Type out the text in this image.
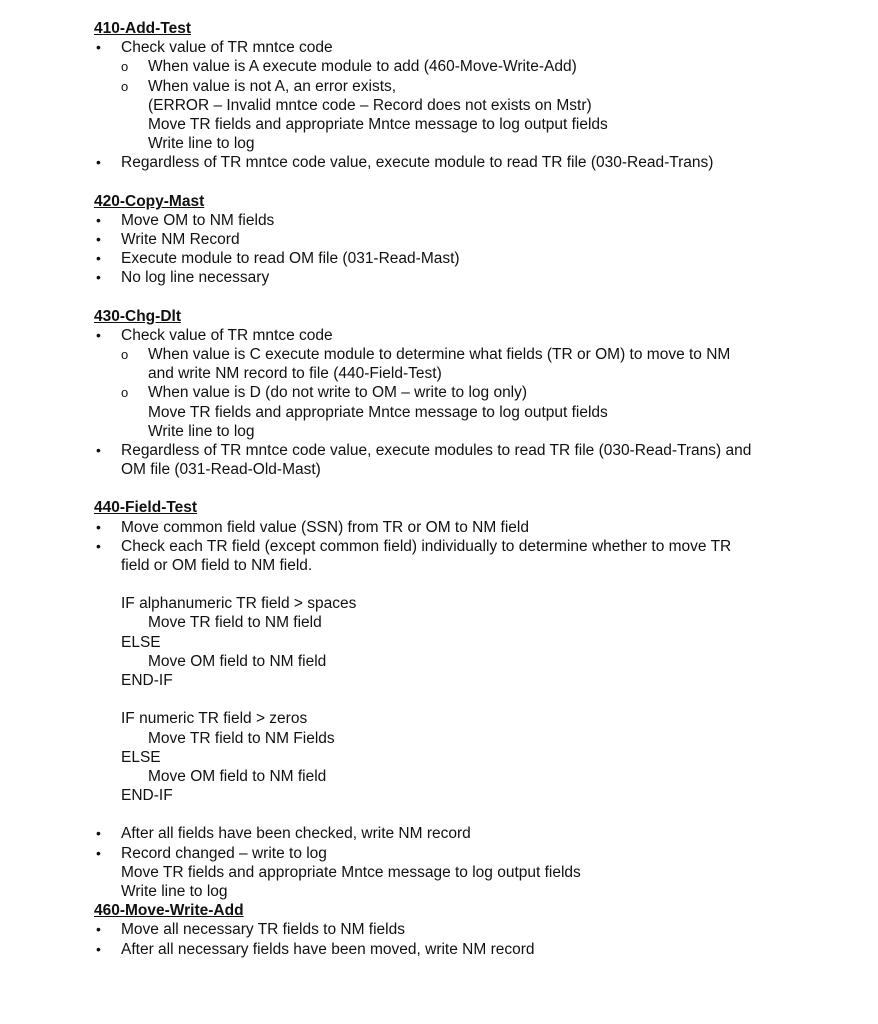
410-Add-Test
• Check value of TR mntce code
o When value is A execute module to add (460-Move-Write-Add)
o When value is not A, an error exists,
(ERROR – Invalid mntce code – Record does not exists on Mstr)
Move TR fields and appropriate Mntce message to log output fields
Write line to log
• Regardless of TR mntce code value, execute module to read TR file (030-Read-Trans)
420-Copy-Mast
• Move OM to NM fields
• Write NM Record
• Execute module to read OM file (031-Read-Mast)
• No log line necessary
430-Chg-Dlt
• Check value of TR mntce code
o When value is C execute module to determine what fields (TR or OM) to move to NM
and write NM record to file (440-Field-Test)
o When value is D (do not write to OM – write to log only)
Move TR fields and appropriate Mntce message to log output fields
Write line to log
• Regardless of TR mntce code value, execute modules to read TR file (030-Read-Trans) and
OM file (031-Read-Old-Mast)
440-Field-Test
• Move common field value (SSN) from TR or OM to NM field
• Check each TR field (except common field) individually to determine whether to move TR
field or OM field to NM field.
IF alphanumeric TR field > spaces
Move TR field to NM field
ELSE
Move OM field to NM field
END-IF
IF numeric TR field > zeros
Move TR field to NM Fields
ELSE
Move OM field to NM field
END-IF
• After all fields have been checked, write NM record
• Record changed – write to log
Move TR fields and appropriate Mntce message to log output fields
Write line to log
460-Move-Write-Add
• Move all necessary TR fields to NM fields
• After all necessary fields have been moved, write NM record
